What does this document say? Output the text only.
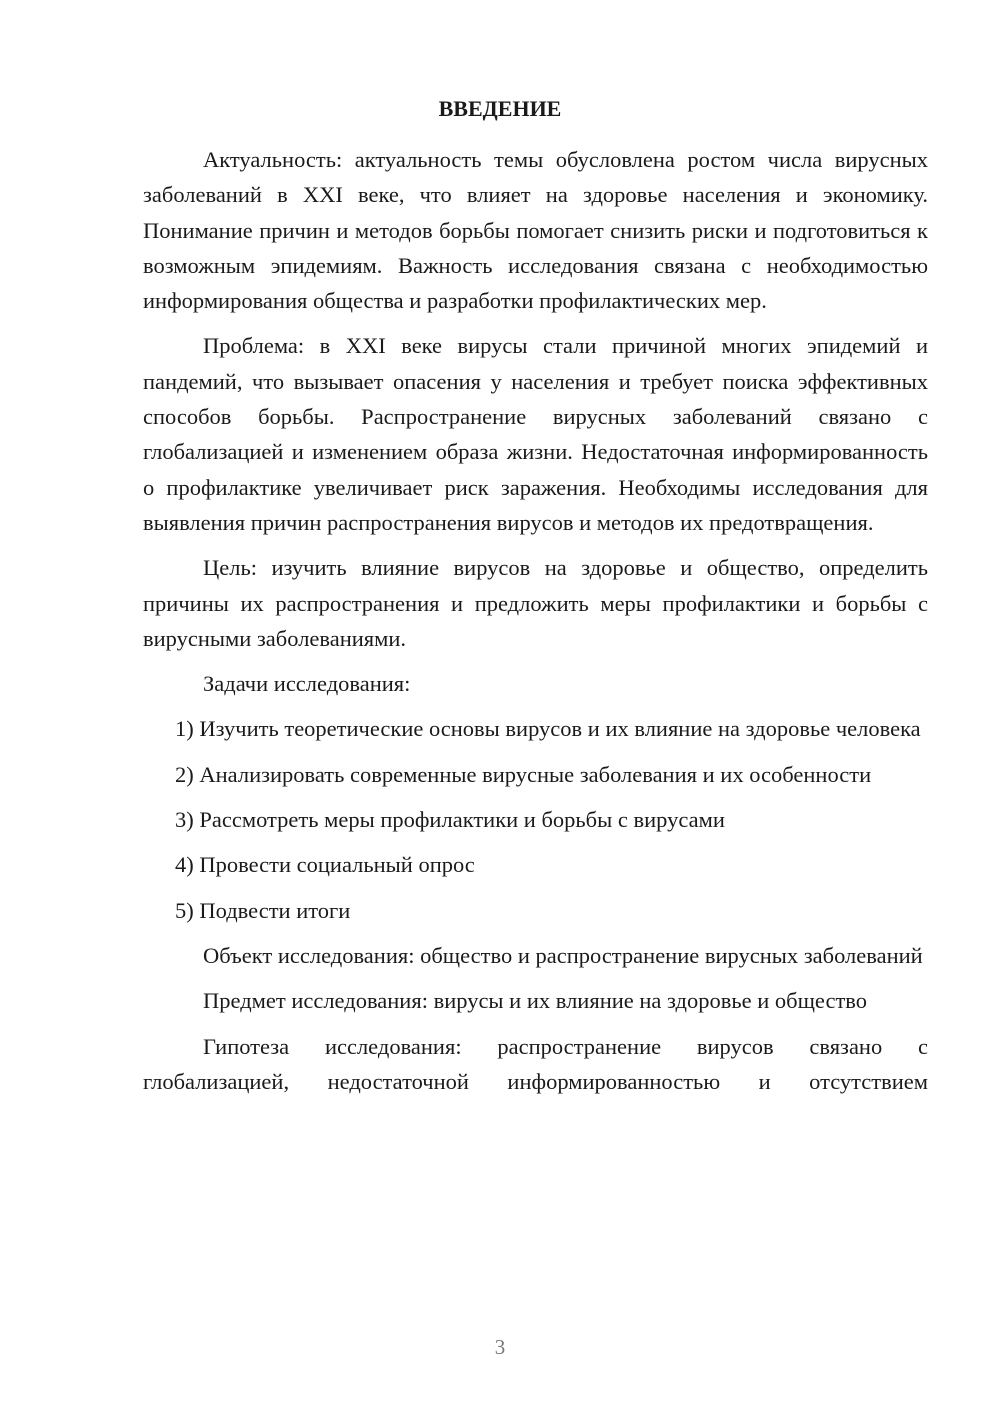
ВВЕДЕНИЕ

Актуальность: актуальность темы обусловлена ростом числа вирусных заболеваний в XXI веке, что влияет на здоровье населения и экономику. Понимание причин и методов борьбы помогает снизить риски и подготовиться к возможным эпидемиям. Важность исследования связана с необходимостью информирования общества и разработки профилактических мер.

Проблема: в XXI веке вирусы стали причиной многих эпидемий и пандемий, что вызывает опасения у населения и требует поиска эффективных способов борьбы. Распространение вирусных заболеваний связано с глобализацией и изменением образа жизни. Недостаточная информированность о профилактике увеличивает риск заражения. Необходимы исследования для выявления причин распространения вирусов и методов их предотвращения.

Цель: изучить влияние вирусов на здоровье и общество, определить причины их распространения и предложить меры профилактики и борьбы с вирусными заболеваниями.

Задачи исследования:

1) Изучить теоретические основы вирусов и их влияние на здоровье человека

2) Анализировать современные вирусные заболевания и их особенности

3) Рассмотреть меры профилактики и борьбы с вирусами

4) Провести социальный опрос

5) Подвести итоги

Объект исследования: общество и распространение вирусных заболеваний

Предмет исследования: вирусы и их влияние на здоровье и общество

Гипотеза исследования: распространение вирусов связано с глобализацией, недостаточной информированностью и отсутствием

3
